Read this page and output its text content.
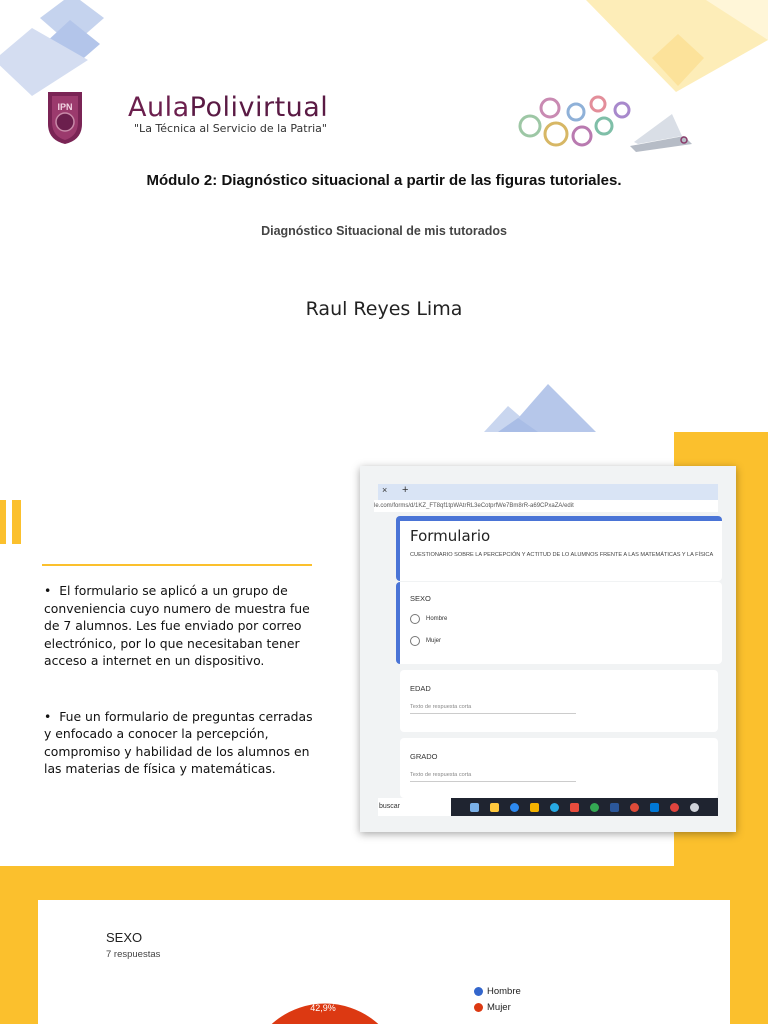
IPN AulaPolivirtual
"La Técnica al Servicio de la Patria"
Módulo 2: Diagnóstico situacional a partir de las figuras tutoriales.
Diagnóstico Situacional de mis tutorados
Raul Reyes Lima
•  El formulario se aplicó a un grupo de conveniencia cuyo numero de muestra fue de 7 alumnos. Les fue enviado por correo electrónico, por lo que necesitaban tener acceso a internet en un dispositivo.
•  Fue un formulario de preguntas cerradas y enfocado a conocer la percepción, compromiso y habilidad de los alumnos en las materias de física y matemáticas.
× +
le.com/forms/d/1KZ_FT8qf1tpWAtrRL3eCotprfWe7Bm8rR-a69CPxaZA/edit
Formulario
CUESTIONARIO SOBRE LA PERCEPCIÓN Y ACTITUD DE LO ALUMNOS FRENTE A LAS MATEMÁTICAS Y LA FÍSICA
SEXO
Hombre
Mujer
EDAD
Texto de respuesta corta
GRADO
Texto de respuesta corta
buscar
SEXO
7 respuestas
42,9%
Hombre
Mujer
